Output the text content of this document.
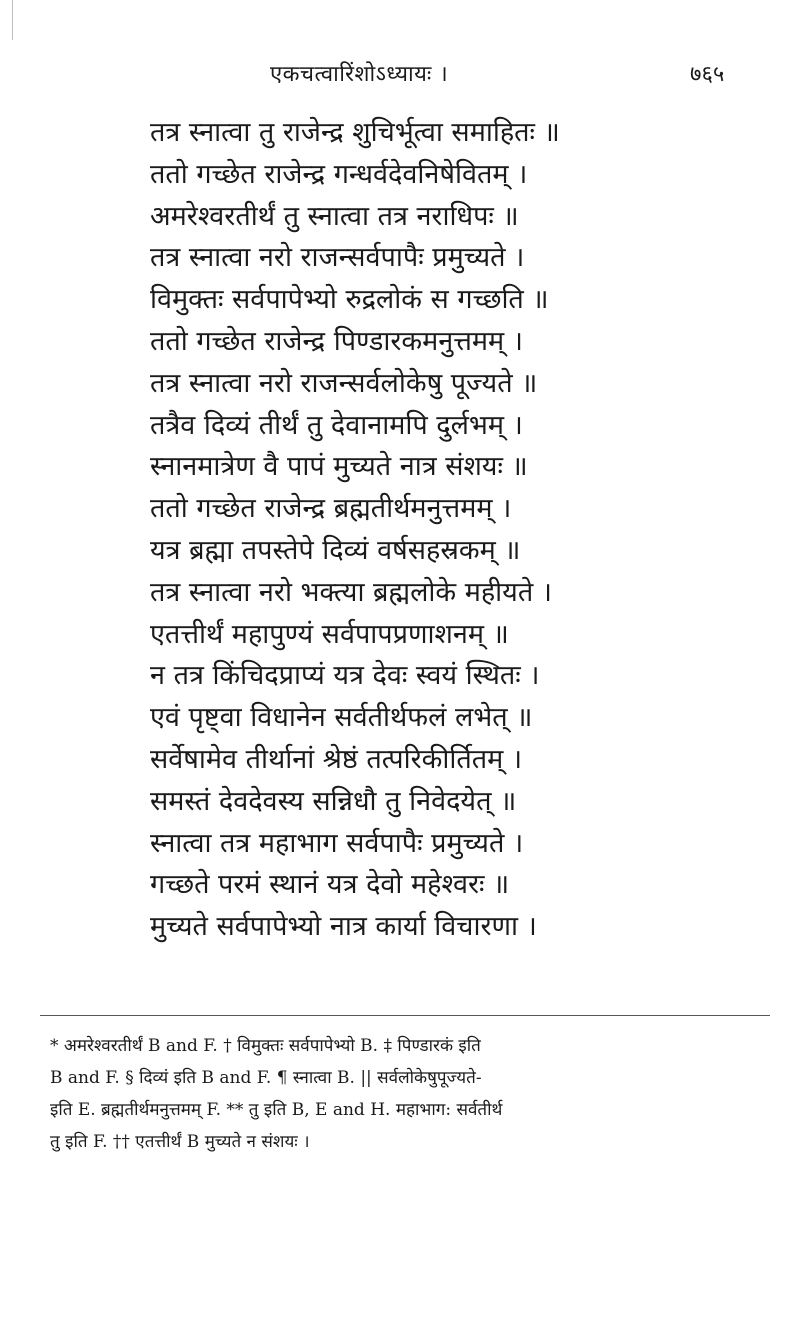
एकचत्वारिंशोऽध्यायः ।	७६५
तत्र स्नात्वा तु राजेन्द्र शुचिर्भूत्वा समाहितः ॥
ततो गच्छेत राजेन्द्र गन्धर्वदेवनिषेवितम् ।
अमरेश्वरतीर्थं तु स्नात्वा तत्र नराधिपः ॥
तत्र स्नात्वा नरो राजन्सर्वपापैः प्रमुच्यते ।
विमुक्तः सर्वपापेभ्यो रुद्रलोकं स गच्छति ॥
ततो गच्छेत राजेन्द्र पिण्डारकमनुत्तमम् ।
तत्र स्नात्वा नरो राजन्सर्वलोकेषु पूज्यते ॥
तत्रैव दिव्यं तीर्थं तु देवानामपि दुर्लभम् ।
स्नानमात्रेण वै पापं मुच्यते नात्र संशयः ॥
ततो गच्छेत राजेन्द्र ब्रह्मतीर्थमनुत्तमम् ।
यत्र ब्रह्मा तपस्तेपे दिव्यं वर्षसहस्रकम् ॥
तत्र स्नात्वा नरो भक्त्या ब्रह्मलोके महीयते ।
एतत्तीर्थं महापुण्यं सर्वपापप्रणाशनम् ॥
न तत्र किंचिदप्राप्यं यत्र देवः स्वयं स्थितः ।
एवं पृष्ट्वा विधानेन सर्वतीर्थफलं लभेत् ॥
सर्वेषामेव तीर्थानां श्रेष्ठं तत्परिकीर्तितम् ।
समस्तं देवदेवस्य सन्निधौ तु निवेदयेत् ॥
स्नात्वा तत्र महाभाग सर्वपापैः प्रमुच्यते ।
गच्छते परमं स्थानं यत्र देवो महेश्वरः ॥
मुच्यते सर्वपापेभ्यो नात्र कार्या विचारणा ।
* अमरेश्वरतीर्थं B and F. † विमुक्तः सर्वपापेभ्यो B. ‡ पिण्डारकं इति
B and F. § दिव्यं इति B and F. ¶ स्नात्वा B. || सर्वलोकेषुपूज्यते-
इति E. ब्रह्मतीर्थमनुत्तमम् F. ** तु इति B, E and H. महाभाग: सर्वतीर्थ
तु इति F. †† एतत्तीर्थं B मुच्यते न संशयः ।
